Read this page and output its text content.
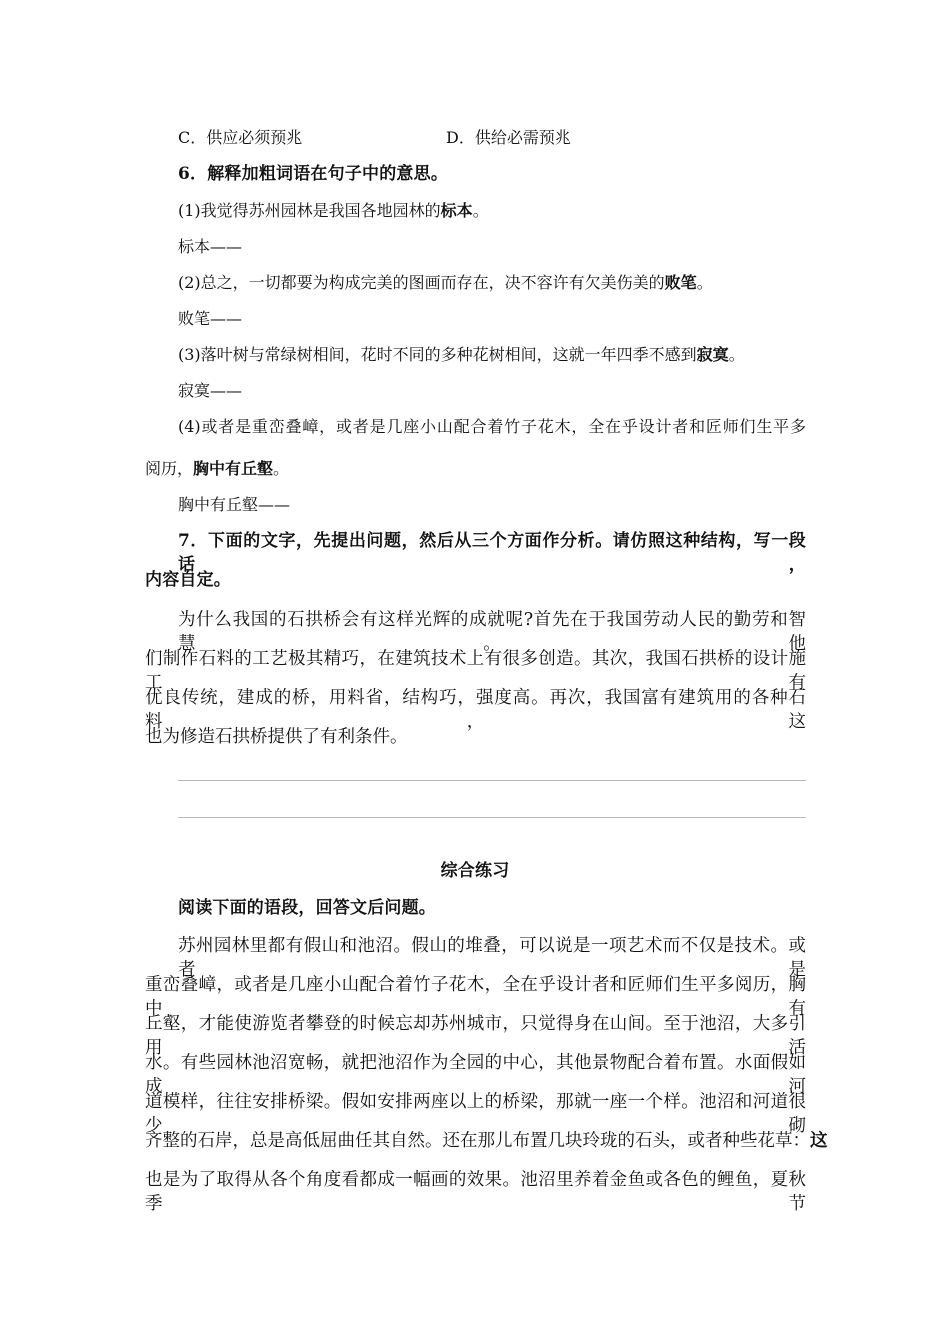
C．供应必须预兆	D．供给必需预兆
6．解释加粗词语在句子中的意思。
(1)我觉得苏州园林是我国各地园林的标本。
标本——
(2)总之，一切都要为构成完美的图画而存在，决不容许有欠美伤美的败笔。
败笔——
(3)落叶树与常绿树相间，花时不同的多种花树相间，这就一年四季不感到寂寞。
寂寞——
(4)或者是重峦叠嶂，或者是几座小山配合着竹子花木，全在乎设计者和匠师们生平多
阅历，胸中有丘壑。
胸中有丘壑——
7．下面的文字，先提出问题，然后从三个方面作分析。请仿照这种结构，写一段话，
内容自定。
为什么我国的石拱桥会有这样光辉的成就呢?首先在于我国劳动人民的勤劳和智慧。他
们制作石料的工艺极其精巧，在建筑技术上有很多创造。其次，我国石拱桥的设计施工有
优良传统，建成的桥，用料省，结构巧，强度高。再次，我国富有建筑用的各种石料，这
也为修造石拱桥提供了有利条件。
综合练习
阅读下面的语段，回答文后问题。
苏州园林里都有假山和池沼。假山的堆叠，可以说是一项艺术而不仅是技术。或者是
重峦叠嶂，或者是几座小山配合着竹子花木，全在乎设计者和匠师们生平多阅历，胸中有
丘壑，才能使游览者攀登的时候忘却苏州城市，只觉得身在山间。至于池沼，大多引用活
水。有些园林池沼宽畅，就把池沼作为全园的中心，其他景物配合着布置。水面假如成河
道模样，往往安排桥梁。假如安排两座以上的桥梁，那就一座一个样。池沼和河道很少砌
齐整的石岸，总是高低屈曲任其自然。还在那儿布置几块玲珑的石头，或者种些花草： 这
也是为了取得从各个角度看都成一幅画的效果。池沼里养着金鱼或各色的鲤鱼，夏秋季节
